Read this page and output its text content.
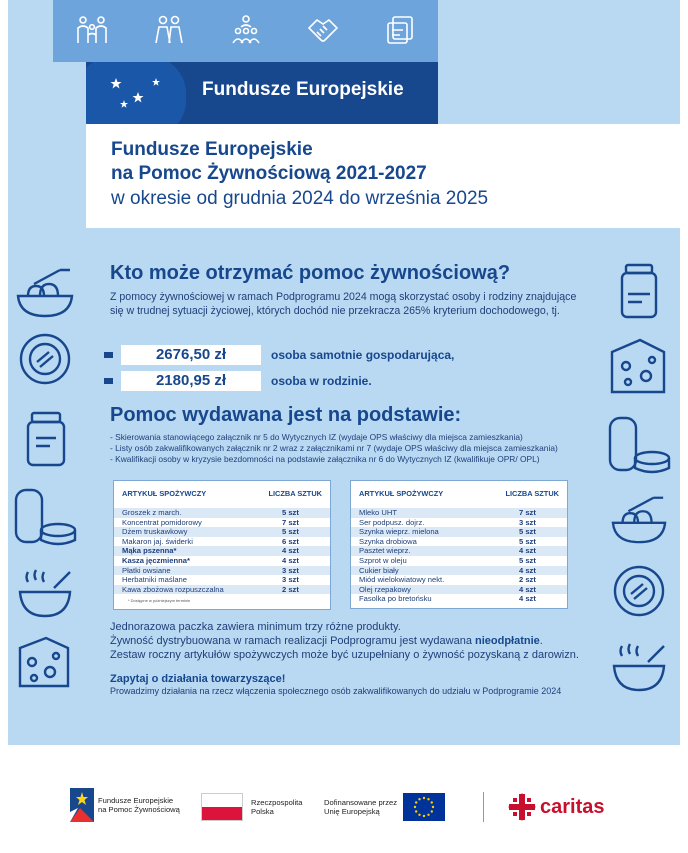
Fundusze Europejskie
Fundusze Europejskie
na Pomoc Żywnościową 2021-2027
w okresie od grudnia 2024 do września 2025
Kto może otrzymać pomoc żywnościową?
Z pomocy żywnościowej w ramach Podprogramu 2024 mogą skorzystać osoby i rodziny znajdujące się w trudnej sytuacji życiowej, których dochód nie przekracza 265% kryterium dochodowego, tj.
2676,50 zł	osoba samotnie gospodarująca,
2180,95 zł	osoba w rodzinie.
Pomoc wydawana jest na podstawie:
- Skierowania stanowiącego załącznik nr 5 do Wytycznych IZ (wydaje OPS właściwy dla miejsca zamieszkania)
- Listy osób zakwalifikowanych załącznik nr 2 wraz z załącznikami nr 7 (wydaje OPS właściwy dla miejsca zamieszkania)
- Kwalifikacji osoby w kryzysie bezdomności na podstawie załącznika nr 6 do Wytycznych IZ (kwalifikuje OPR/ OPL)
ARTYKUŁ SPOŻYWCZY	LICZBA SZTUK
Groszek z march.	5 szt
Koncentrat pomidorowy	7 szt
Dżem truskawkowy	5 szt
Makaron jaj. świderki	6 szt
Mąka pszenna*	4 szt
Kasza jęczmienna*	4 szt
Płatki owsiane	3 szt
Herbatniki maślane	3 szt
Kawa zbożowa rozpuszczalna	2 szt
* Dostępne w późniejszym terminie
ARTYKUŁ SPOŻYWCZY	LICZBA SZTUK
Mleko UHT	7 szt
Ser podpusz. dojrz.	3 szt
Szynka wieprz. mielona	5 szt
Szynka drobiowa	5 szt
Pasztet wieprz.	4 szt
Szprot w oleju	5 szt
Cukier biały	4 szt
Miód wielokwiatowy nekt.	2 szt
Olej rzepakowy	4 szt
Fasolka po bretońsku	4 szt
Jednorazowa paczka zawiera minimum trzy różne produkty.
Żywność dystrybuowana w ramach realizacji Podprogramu jest wydawana nieodpłatnie.
Zestaw roczny artykułów spożywczych może być uzupełniany o żywność pozyskaną z darowizn.
Zapytaj o działania towarzyszące!
Prowadzimy działania na rzecz włączenia społecznego osób zakwalifikowanych do udziału w Podprogramie 2024
Fundusze Europejskie
na Pomoc Żywnościową
Rzeczpospolita
Polska
Dofinansowane przez
Unię Europejską	caritas
